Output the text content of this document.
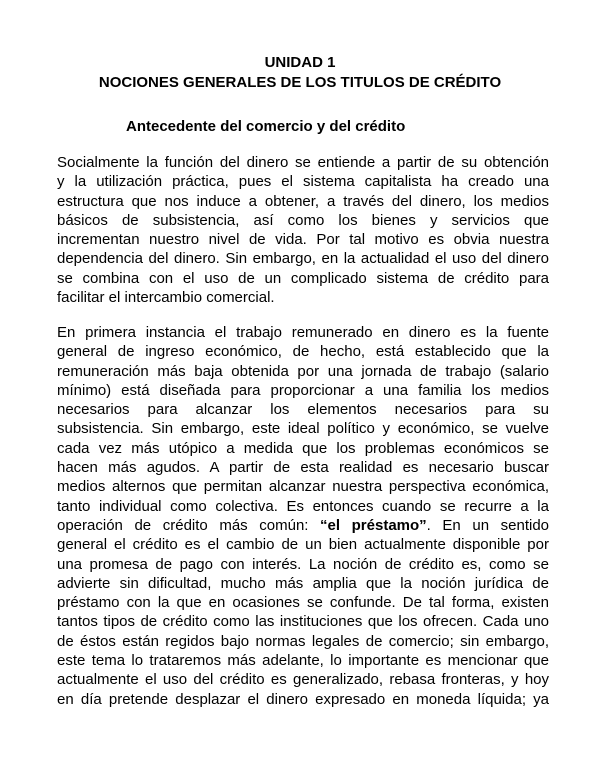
UNIDAD 1
NOCIONES GENERALES DE LOS TITULOS DE CRÉDITO
Antecedente del comercio y del crédito
Socialmente la función del dinero se entiende a partir de su obtención
y la utilización práctica, pues el sistema capitalista ha creado una
estructura que nos induce a obtener, a través del dinero, los medios
básicos de subsistencia, así como los bienes y servicios que
incrementan nuestro nivel de vida. Por tal motivo es obvia nuestra
dependencia del dinero. Sin embargo, en la actualidad el uso del dinero
se combina con el uso de un complicado sistema de crédito para
facilitar el intercambio comercial.
En primera instancia el trabajo remunerado en dinero es la fuente
general de ingreso económico, de hecho, está establecido que la
remuneración más baja obtenida por una jornada de trabajo (salario
mínimo) está diseñada para proporcionar a una familia los medios
necesarios para alcanzar los elementos necesarios para su
subsistencia. Sin embargo, este ideal político y económico, se vuelve
cada vez más utópico a medida que los problemas económicos se
hacen más agudos. A partir de esta realidad es necesario buscar
medios alternos que permitan alcanzar nuestra perspectiva económica,
tanto individual como colectiva. Es entonces cuando se recurre a la
operación de crédito más común: “el préstamo”. En un sentido
general el crédito es el cambio de un bien actualmente disponible por
una promesa de pago con interés. La noción de crédito es, como se
advierte sin dificultad, mucho más amplia que la noción jurídica de
préstamo con la que en ocasiones se confunde. De tal forma, existen
tantos tipos de crédito como las instituciones que los ofrecen. Cada uno
de éstos están regidos bajo normas legales de comercio; sin embargo,
este tema lo trataremos más adelante, lo importante es mencionar que
actualmente el uso del crédito es generalizado, rebasa fronteras, y hoy
en día pretende desplazar el dinero expresado en moneda líquida; ya
